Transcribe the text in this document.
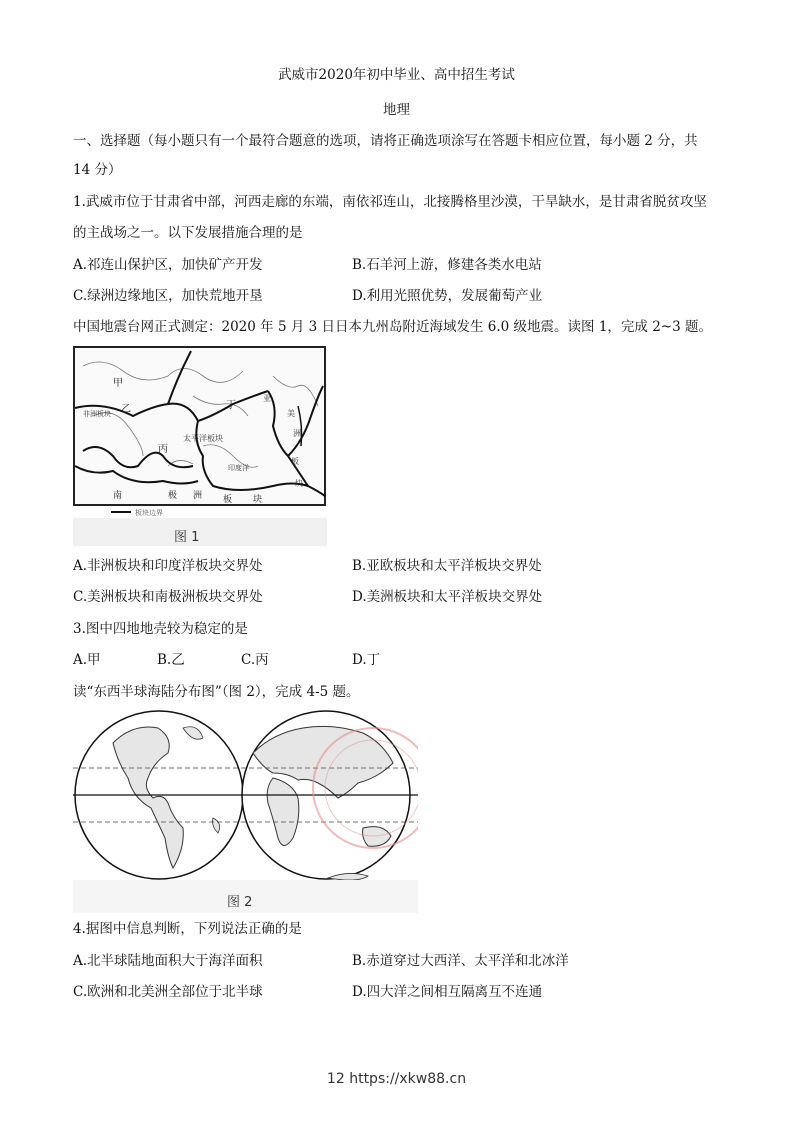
武威市2020年初中毕业、高中招生考试
地理
一、选择题（每小题只有一个最符合题意的选项，请将正确选项涂写在答题卡相应位置，每小题 2 分，共
14 分）
1.武威市位于甘肃省中部，河西走廊的东端，南依祁连山，北接腾格里沙漠，干旱缺水，是甘肃省脱贫攻坚
的主战场之一。以下发展措施合理的是
A.祁连山保护区，加快矿产开发	B.石羊河上游，修建各类水电站
C.绿洲边缘地区，加快荒地开垦	D.利用光照优势，发展葡萄产业
中国地震台网正式测定：2020 年 5 月 3 日日本九州岛附近海域发生 6.0 级地震。读图 1，完成 2~3 题。
甲
乙
丙
丁
亚
非洲板块
太平洋板块
印度洋
美
洲
板
块
南	极 洲 板 块
板块边界
图 1
A.非洲板块和印度洋板块交界处	B.亚欧板块和太平洋板块交界处
C.美洲板块和南极洲板块交界处	D.美洲板块和太平洋板块交界处
3.图中四地地壳较为稳定的是
A.甲	B.乙	C.丙	D.丁
读“东西半球海陆分布图”（图 2），完成 4-5 题。
图 2
4.据图中信息判断，下列说法正确的是
A.北半球陆地面积大于海洋面积	B.赤道穿过大西洋、太平洋和北冰洋
C.欧洲和北美洲全部位于北半球	D.四大洋之间相互隔离互不连通
12 https://xkw88.cn
